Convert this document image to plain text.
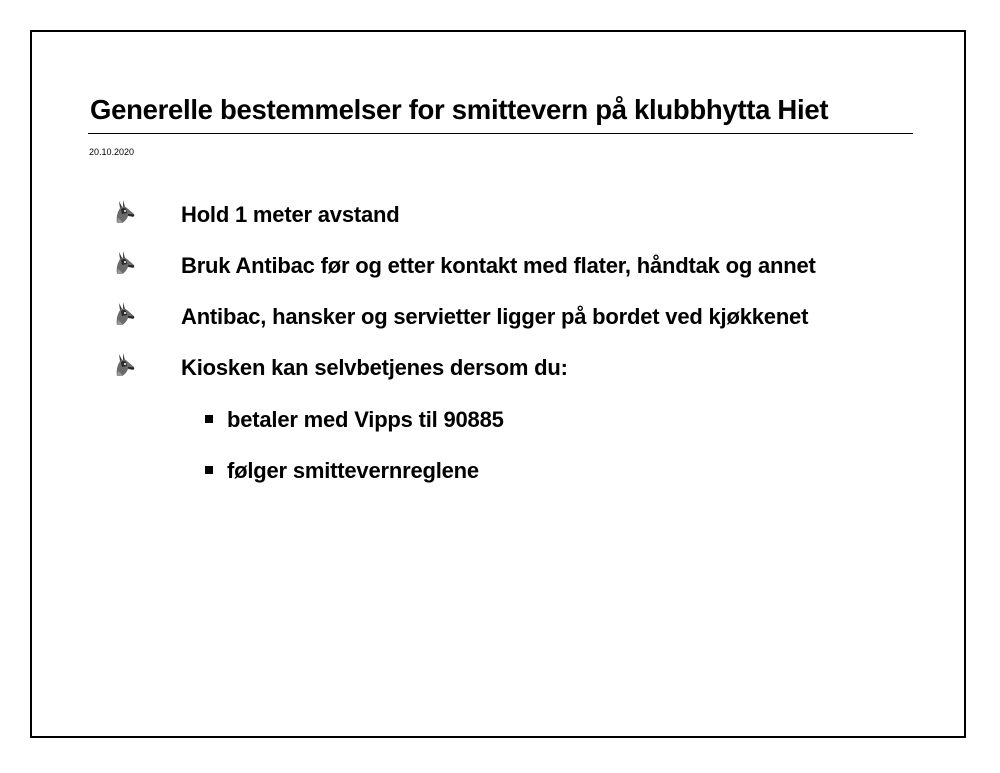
Generelle bestemmelser for smittevern på klubbhytta Hiet
20.10.2020
Hold 1 meter avstand
Bruk Antibac før og etter kontakt med flater, håndtak og annet
Antibac, hansker og servietter ligger på bordet ved kjøkkenet
Kiosken kan selvbetjenes dersom du:
betaler med Vipps til 90885
følger smittevernreglene
